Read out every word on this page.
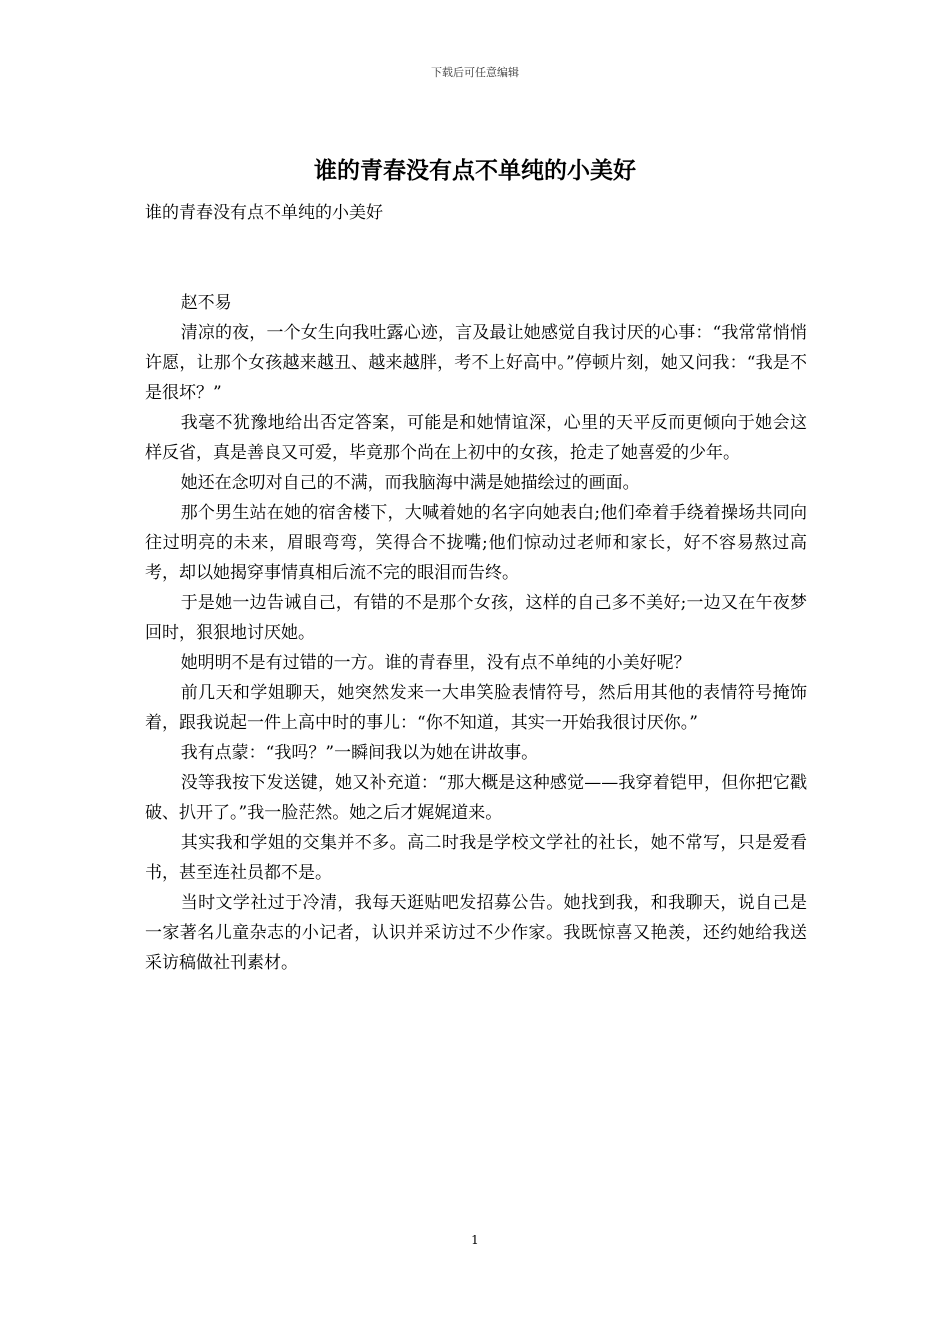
下载后可任意编辑
谁的青春没有点不单纯的小美好

谁的青春没有点不单纯的小美好

赵不易

清凉的夜，一个女生向我吐露心迹，言及最让她感觉自我讨厌的心事：“我常常悄悄许愿，让那个女孩越来越丑、越来越胖，考不上好高中。”停顿片刻，她又问我：“我是不是很坏？”

我毫不犹豫地给出否定答案，可能是和她情谊深，心里的天平反而更倾向于她会这样反省，真是善良又可爱，毕竟那个尚在上初中的女孩，抢走了她喜爱的少年。

她还在念叨对自己的不满，而我脑海中满是她描绘过的画面。

那个男生站在她的宿舍楼下，大喊着她的名字向她表白;他们牵着手绕着操场共同向往过明亮的未来，眉眼弯弯，笑得合不拢嘴;他们惊动过老师和家长，好不容易熬过高考，却以她揭穿事情真相后流不完的眼泪而告终。

于是她一边告诫自己，有错的不是那个女孩，这样的自己多不美好;一边又在午夜梦回时，狠狠地讨厌她。

她明明不是有过错的一方。谁的青春里，没有点不单纯的小美好呢？

前几天和学姐聊天，她突然发来一大串笑脸表情符号，然后用其他的表情符号掩饰着，跟我说起一件上高中时的事儿：“你不知道，其实一开始我很讨厌你。”

我有点蒙：“我吗？”一瞬间我以为她在讲故事。

没等我按下发送键，她又补充道：“那大概是这种感觉——我穿着铠甲，但你把它戳破、扒开了。”我一脸茫然。她之后才娓娓道来。

其实我和学姐的交集并不多。高二时我是学校文学社的社长，她不常写，只是爱看书，甚至连社员都不是。

当时文学社过于冷清，我每天逛贴吧发招募公告。她找到我，和我聊天，说自己是一家著名儿童杂志的小记者，认识并采访过不少作家。我既惊喜又艳羡，还约她给我送采访稿做社刊素材。

1
